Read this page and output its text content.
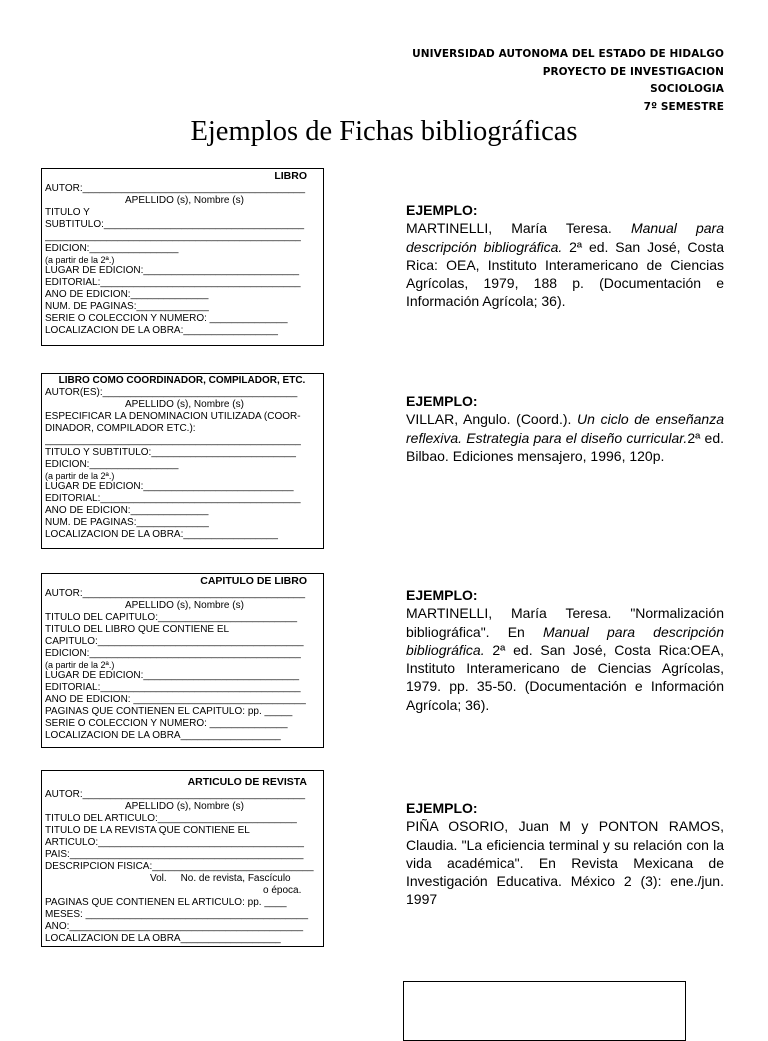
UNIVERSIDAD AUTONOMA DEL ESTADO DE HIDALGO
PROYECTO DE INVESTIGACION
SOCIOLOGIA
7º SEMESTRE
Ejemplos de Fichas bibliográficas
LIBRO
AUTOR:________________________________________
APELLIDO (s), Nombre (s)
TITULO Y
SUBTITULO:____________________________________
______________________________________________
EDICION:________________
(a partir de la 2ª.)
LUGAR DE EDICION:____________________________
EDITORIAL:____________________________________
AÑO DE EDICION:______________
NUM. DE PAGINAS:_____________
SERIE O COLECCION Y NUMERO: ______________
LOCALIZACION DE LA OBRA:_________________
LIBRO COMO COORDINADOR, COMPILADOR, ETC.
AUTOR(ES):___________________________________
APELLIDO (s), Nombre (s)
ESPECIFICAR LA DENOMINACION UTILIZADA (COOR-
DINADOR, COMPILADOR ETC.):
______________________________________________
TITULO Y SUBTITULO:__________________________
EDICION:________________
(a partir de la 2ª.)
LUGAR DE EDICION:___________________________
EDITORIAL:____________________________________
AÑO DE EDICION:______________
NUM. DE PAGINAS:_____________
LOCALIZACION DE LA OBRA:_________________
CAPITULO DE LIBRO
AUTOR:________________________________________
APELLIDO (s), Nombre (s)
TITULO DEL CAPITULO:_________________________
TITULO DEL LIBRO QUE CONTIENE EL
CAPITULO:_____________________________________
EDICION:______________________________________
(a partir de la 2ª.)
LUGAR DE EDICION:____________________________
EDITORIAL:____________________________________
AÑO DE EDICION: _______________________________
PAGINAS QUE CONTIENEN EL CAPITULO: pp. _____
SERIE O COLECCION Y NUMERO: ______________
LOCALIZACION DE LA OBRA__________________
ARTICULO DE REVISTA
AUTOR:________________________________________
APELLIDO (s), Nombre (s)
TITULO DEL ARTICULO:_________________________
TITULO DE LA REVISTA QUE CONTIENE EL
ARTICULO:_____________________________________
PAIS:__________________________________________
DESCRIPCION FISICA:_____________________________
Vol.     No. de revista, Fascículo
o época.
PAGINAS QUE CONTIENEN EL ARTICULO: pp. ____
MESES: ________________________________________
AÑO:__________________________________________
LOCALIZACION DE LA OBRA__________________
EJEMPLO:
MARTINELLI, María Teresa. Manual para descripción bibliográfica. 2ª ed. San José, Costa Rica: OEA, Instituto Interamericano de Ciencias Agrícolas, 1979, 188 p. (Documentación e Información Agrícola; 36).
EJEMPLO:
VILLAR, Angulo. (Coord.). Un ciclo de enseñanza reflexiva. Estrategia para el diseño curricular.2ª ed. Bilbao. Ediciones mensajero, 1996, 120p.
EJEMPLO:
MARTINELLI, María Teresa. "Normalización bibliográfica". En Manual para descripción bibliográfica. 2ª ed. San José, Costa Rica:OEA, Instituto Interamericano de Ciencias Agrícolas, 1979. pp. 35-50. (Documentación e Información Agrícola; 36).
EJEMPLO:
PIÑA OSORIO, Juan M y PONTON RAMOS, Claudia. "La eficiencia terminal y su relación con la vida académica". En Revista Mexicana de Investigación Educativa. México 2 (3): ene./jun. 1997
